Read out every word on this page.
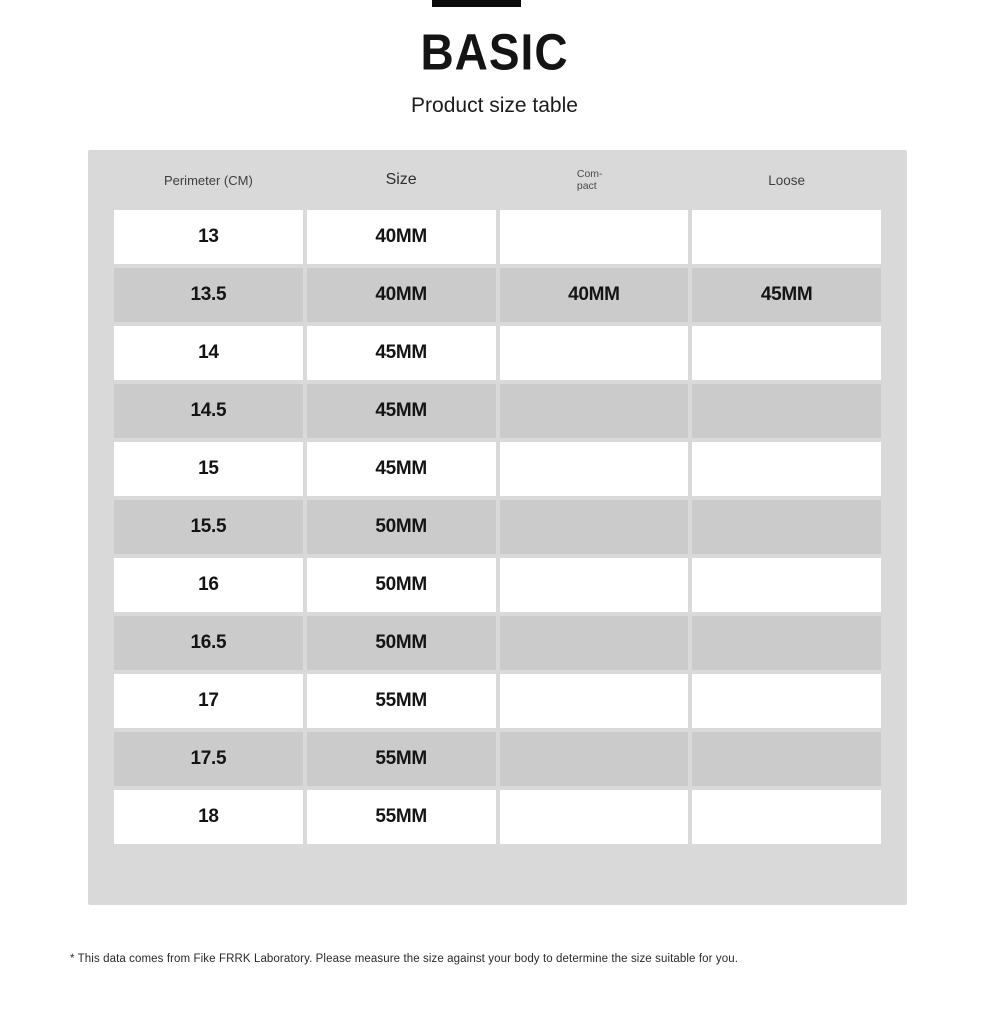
BASIC
Product size table
Perimeter (CM)	Size	Com-pact	Loose
13	40MM		
13.5	40MM	40MM	45MM
14	45MM		
14.5	45MM		
15	45MM		
15.5	50MM		
16	50MM		
16.5	50MM		
17	55MM		
17.5	55MM		
18	55MM		
* This data comes from Fike FRRK Laboratory. Please measure the size against your body to determine the size suitable for you.
